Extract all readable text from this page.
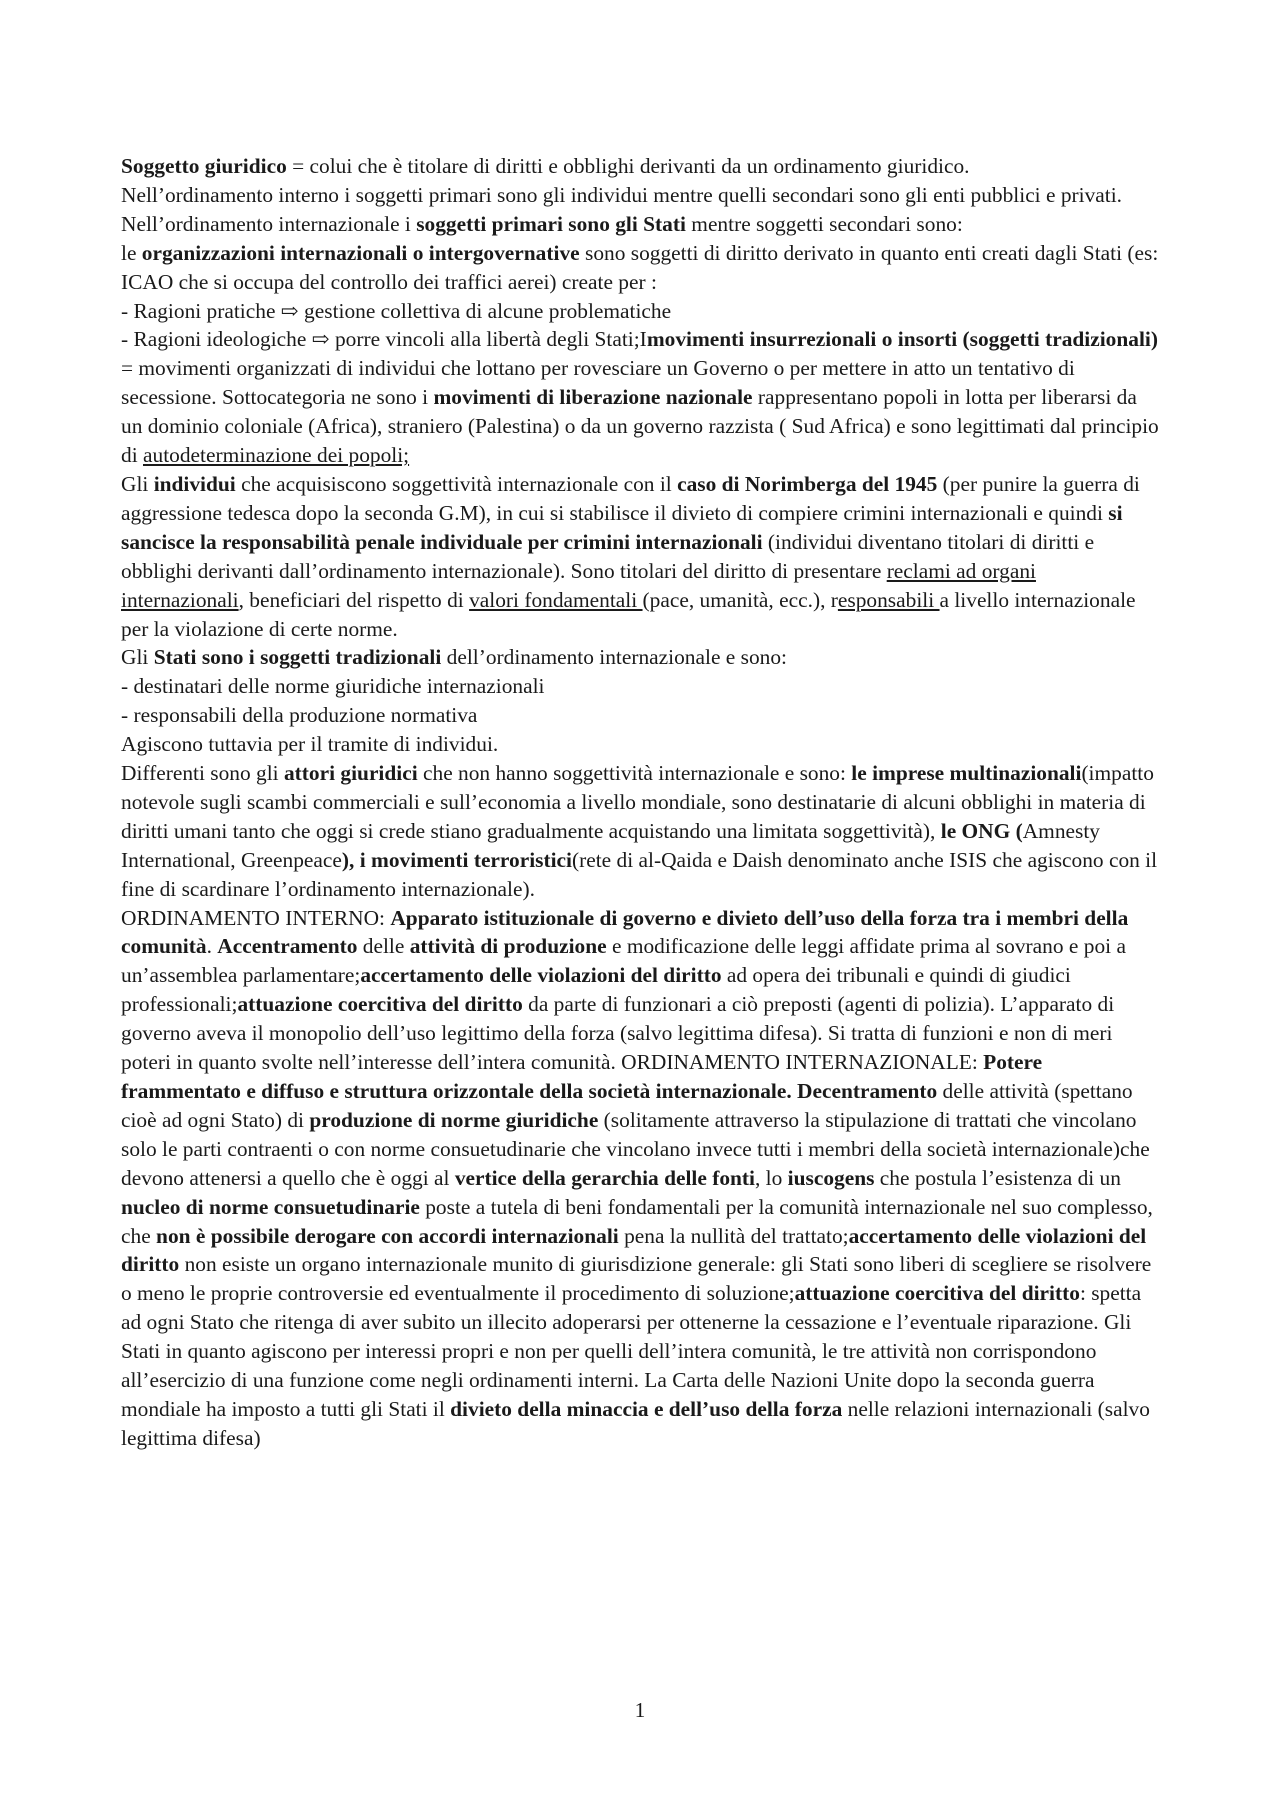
Soggetto giuridico = colui che è titolare di diritti e obblighi derivanti da un ordinamento giuridico.

Nell’ordinamento interno i soggetti primari sono gli individui mentre quelli secondari sono gli enti pubblici e privati.

Nell’ordinamento internazionale i soggetti primari sono gli Stati mentre soggetti secondari sono:

le organizzazioni internazionali o intergovernative sono soggetti di diritto derivato in quanto enti creati dagli Stati (es: ICAO che si occupa del controllo dei traffici aerei) create per :

- Ragioni pratiche ⇨ gestione collettiva di alcune problematiche

- Ragioni ideologiche ⇨ porre vincoli alla libertà degli Stati;Imovimenti insurrezionali o insorti (soggetti tradizionali) = movimenti organizzati di individui che lottano per rovesciare un Governo o per mettere in atto un tentativo di secessione. Sottocategoria ne sono i movimenti di liberazione nazionale rappresentano popoli in lotta per liberarsi da un dominio coloniale (Africa), straniero (Palestina) o da un governo razzista ( Sud Africa) e sono legittimati dal principio di autodeterminazione dei popoli;

Gli individui che acquisiscono soggettività internazionale con il caso di Norimberga del 1945 (per punire la guerra di aggressione tedesca dopo la seconda G.M), in cui si stabilisce il divieto di compiere crimini internazionali e quindi si sancisce la responsabilità penale individuale per crimini internazionali (individui diventano titolari di diritti e obblighi derivanti dall’ordinamento internazionale). Sono titolari del diritto di presentare reclami ad organi internazionali, beneficiari del rispetto di valori fondamentali (pace, umanità, ecc.), responsabili a livello internazionale per la violazione di certe norme.

Gli Stati sono i soggetti tradizionali dell’ordinamento internazionale e sono:

- destinatari delle norme giuridiche internazionali

- responsabili della produzione normativa

Agiscono tuttavia per il tramite di individui.

Differenti sono gli attori giuridici che non hanno soggettività internazionale e sono: le imprese multinazionali(impatto notevole sugli scambi commerciali e sull’economia a livello mondiale, sono destinatarie di alcuni obblighi in materia di diritti umani tanto che oggi si crede stiano gradualmente acquistando una limitata soggettività), le ONG (Amnesty International, Greenpeace), i movimenti terroristici(rete di al-Qaida e Daish denominato anche ISIS che agiscono con il fine di scardinare l’ordinamento internazionale).

ORDINAMENTO INTERNO: Apparato istituzionale di governo e divieto dell’uso della forza tra i membri della comunità. Accentramento delle attività di produzione e modificazione delle leggi affidate prima al sovrano e poi a un’assemblea parlamentare;accertamento delle violazioni del diritto ad opera dei tribunali e quindi di giudici professionali;attuazione coercitiva del diritto da parte di funzionari a ciò preposti (agenti di polizia). L’apparato di governo aveva il monopolio dell’uso legittimo della forza (salvo legittima difesa). Si tratta di funzioni e non di meri poteri in quanto svolte nell’interesse dell’intera comunità. ORDINAMENTO INTERNAZIONALE: Potere frammentato e diffuso e struttura orizzontale della società internazionale. Decentramento delle attività (spettano cioè ad ogni Stato) di produzione di norme giuridiche (solitamente attraverso la stipulazione di trattati che vincolano solo le parti contraenti o con norme consuetudinarie che vincolano invece tutti i membri della società internazionale)che devono attenersi a quello che è oggi al vertice della gerarchia delle fonti, lo iuscogens che postula l’esistenza di un nucleo di norme consuetudinarie poste a tutela di beni fondamentali per la comunità internazionale nel suo complesso, che non è possibile derogare con accordi internazionali pena la nullità del trattato;accertamento delle violazioni del diritto non esiste un organo internazionale munito di giurisdizione generale: gli Stati sono liberi di scegliere se risolvere o meno le proprie controversie ed eventualmente il procedimento di soluzione;attuazione coercitiva del diritto: spetta ad ogni Stato che ritenga di aver subito un illecito adoperarsi per ottenerne la cessazione e l’eventuale riparazione. Gli Stati in quanto agiscono per interessi propri e non per quelli dell’intera comunità, le tre attività non corrispondono all’esercizio di una funzione come negli ordinamenti interni. La Carta delle Nazioni Unite dopo la seconda guerra mondiale ha imposto a tutti gli Stati il divieto della minaccia e dell’uso della forza nelle relazioni internazionali (salvo legittima difesa)

1
